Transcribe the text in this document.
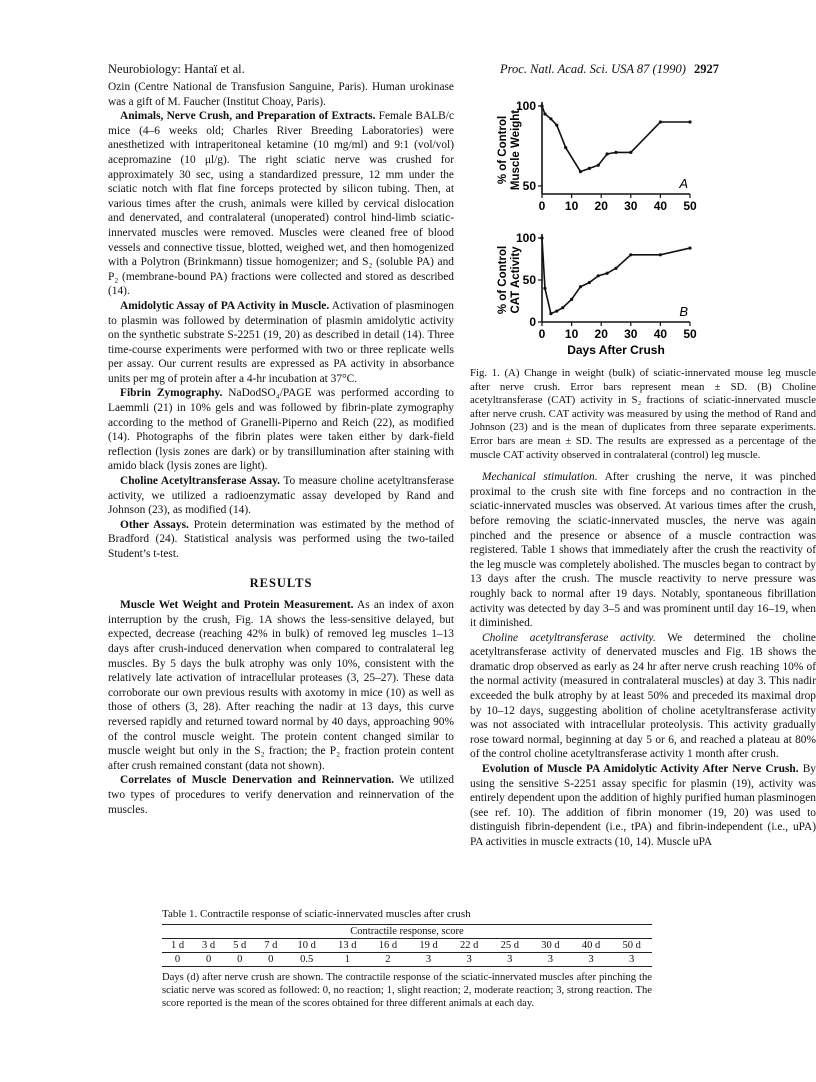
Neurobiology: Hantaï et al.	Proc. Natl. Acad. Sci. USA 87 (1990) 2927

Ozin (Centre National de Transfusion Sanguine, Paris). Human urokinase was a gift of M. Faucher (Institut Choay, Paris).

Animals, Nerve Crush, and Preparation of Extracts. Female BALB/c mice (4–6 weeks old; Charles River Breeding Laboratories) were anesthetized with intraperitoneal ketamine (10 mg/ml) and 9:1 (vol/vol) acepromazine (10 μl/g). The right sciatic nerve was crushed for approximately 30 sec, using a standardized pressure, 12 mm under the sciatic notch with flat fine forceps protected by silicon tubing. Then, at various times after the crush, animals were killed by cervical dislocation and denervated, and contralateral (unoperated) control hind-limb sciatic-innervated muscles were removed. Muscles were cleaned free of blood vessels and connective tissue, blotted, weighed wet, and then homogenized with a Polytron (Brinkmann) tissue homogenizer; and S₂ (soluble PA) and P₂ (membrane-bound PA) fractions were collected and stored as described (14).

Amidolytic Assay of PA Activity in Muscle. Activation of plasminogen to plasmin was followed by determination of plasmin amidolytic activity on the synthetic substrate S-2251 (19, 20) as described in detail (14). Three time-course experiments were performed with two or three replicate wells per assay. Our current results are expressed as PA activity in absorbance units per mg of protein after a 4-hr incubation at 37°C.

Fibrin Zymography. NaDodSO₄/PAGE was performed according to Laemmli (21) in 10% gels and was followed by fibrin-plate zymography according to the method of Granelli-Piperno and Reich (22), as modified (14). Photographs of the fibrin plates were taken either by dark-field reflection (lysis zones are dark) or by transillumination after staining with amido black (lysis zones are light).

Choline Acetyltransferase Assay. To measure choline acetyltransferase activity, we utilized a radioenzymatic assay developed by Rand and Johnson (23), as modified (14).

Other Assays. Protein determination was estimated by the method of Bradford (24). Statistical analysis was performed using the two-tailed Student’s t-test.

RESULTS

Muscle Wet Weight and Protein Measurement. As an index of axon interruption by the crush, Fig. 1A shows the less-sensitive delayed, but expected, decrease (reaching 42% in bulk) of removed leg muscles 1–13 days after crush-induced denervation when compared to contralateral leg muscles. By 5 days the bulk atrophy was only 10%, consistent with the relatively late activation of intracellular proteases (3, 25–27). These data corroborate our own previous results with axotomy in mice (10) as well as those of others (3, 28). After reaching the nadir at 13 days, this curve reversed rapidly and returned toward normal by 40 days, approaching 90% of the control muscle weight. The protein content changed similar to muscle weight but only in the S₂ fraction; the P₂ fraction protein content after crush remained constant (data not shown).

Correlates of Muscle Denervation and Reinnervation. We utilized two types of procedures to verify denervation and reinnervation of the muscles.

0 10 20 30 40 50
50
100
A
% of ControlMuscle Weight
0 10 20 30 40 50
0
50
100
B
% of ControlCAT Activity
Days After Crush

Fig. 1. (A) Change in weight (bulk) of sciatic-innervated mouse leg muscle after nerve crush. Error bars represent mean ± SD. (B) Choline acetyltransferase (CAT) activity in S₂ fractions of sciatic-innervated muscle after nerve crush. CAT activity was measured by using the method of Rand and Johnson (23) and is the mean of duplicates from three separate experiments. Error bars are mean ± SD. The results are expressed as a percentage of the muscle CAT activity observed in contralateral (control) leg muscle.

Mechanical stimulation. After crushing the nerve, it was pinched proximal to the crush site with fine forceps and no contraction in the sciatic-innervated muscles was observed. At various times after the crush, before removing the sciatic-innervated muscles, the nerve was again pinched and the presence or absence of a muscle contraction was registered. Table 1 shows that immediately after the crush the reactivity of the leg muscle was completely abolished. The muscles began to contract by 13 days after the crush. The muscle reactivity to nerve pressure was roughly back to normal after 19 days. Notably, spontaneous fibrillation activity was detected by day 3–5 and was prominent until day 16–19, when it diminished.

Choline acetyltransferase activity. We determined the choline acetyltransferase activity of denervated muscles and Fig. 1B shows the dramatic drop observed as early as 24 hr after nerve crush reaching 10% of the normal activity (measured in contralateral muscles) at day 3. This nadir exceeded the bulk atrophy by at least 50% and preceded its maximal drop by 10–12 days, suggesting abolition of choline acetyltransferase activity was not associated with intracellular proteolysis. This activity gradually rose toward normal, beginning at day 5 or 6, and reached a plateau at 80% of the control choline acetyltransferase activity 1 month after crush.

Evolution of Muscle PA Amidolytic Activity After Nerve Crush. By using the sensitive S-2251 assay specific for plasmin (19), activity was entirely dependent upon the addition of highly purified human plasminogen (see ref. 10). The addition of fibrin monomer (19, 20) was used to distinguish fibrin-dependent (i.e., tPA) and fibrin-independent (i.e., uPA) PA activities in muscle extracts (10, 14). Muscle uPA

Table 1. Contractile response of sciatic-innervated muscles after crush
Contractile response, score												
1 d	3 d	5 d	7 d	10 d	13 d	16 d	19 d	22 d	25 d	30 d	40 d	50 d
0	0	0	0	0.5	1	2	3	3	3	3	3	3
Days (d) after nerve crush are shown. The contractile response of the sciatic-innervated muscles after pinching the sciatic nerve was scored as followed: 0, no reaction; 1, slight reaction; 2, moderate reaction; 3, strong reaction. The score reported is the mean of the scores obtained for three different animals at each day.
